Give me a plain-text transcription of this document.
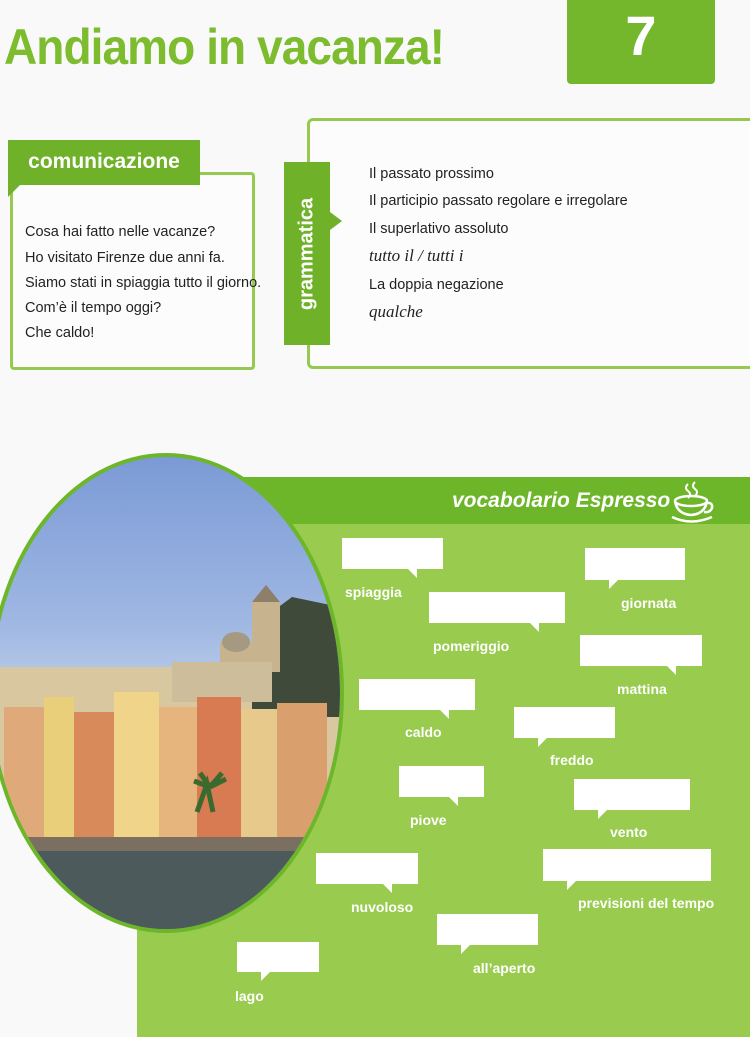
Andiamo in vacanza!	7
comunicazione
Cosa hai fatto nelle vacanze?
Ho visitato Firenze due anni fa.
Siamo stati in spiaggia tutto il giorno.
Com’è il tempo oggi?
Che caldo!
grammatica
Il passato prossimo
Il participio passato regolare e irregolare
Il superlativo assoluto
tutto il / tutti i
La doppia negazione
qualche
vocabolario Espresso
spiaggia
giornata
pomeriggio
mattina
caldo
freddo
piove
vento
nuvoloso	previsioni del tempo
all’aperto
lago
